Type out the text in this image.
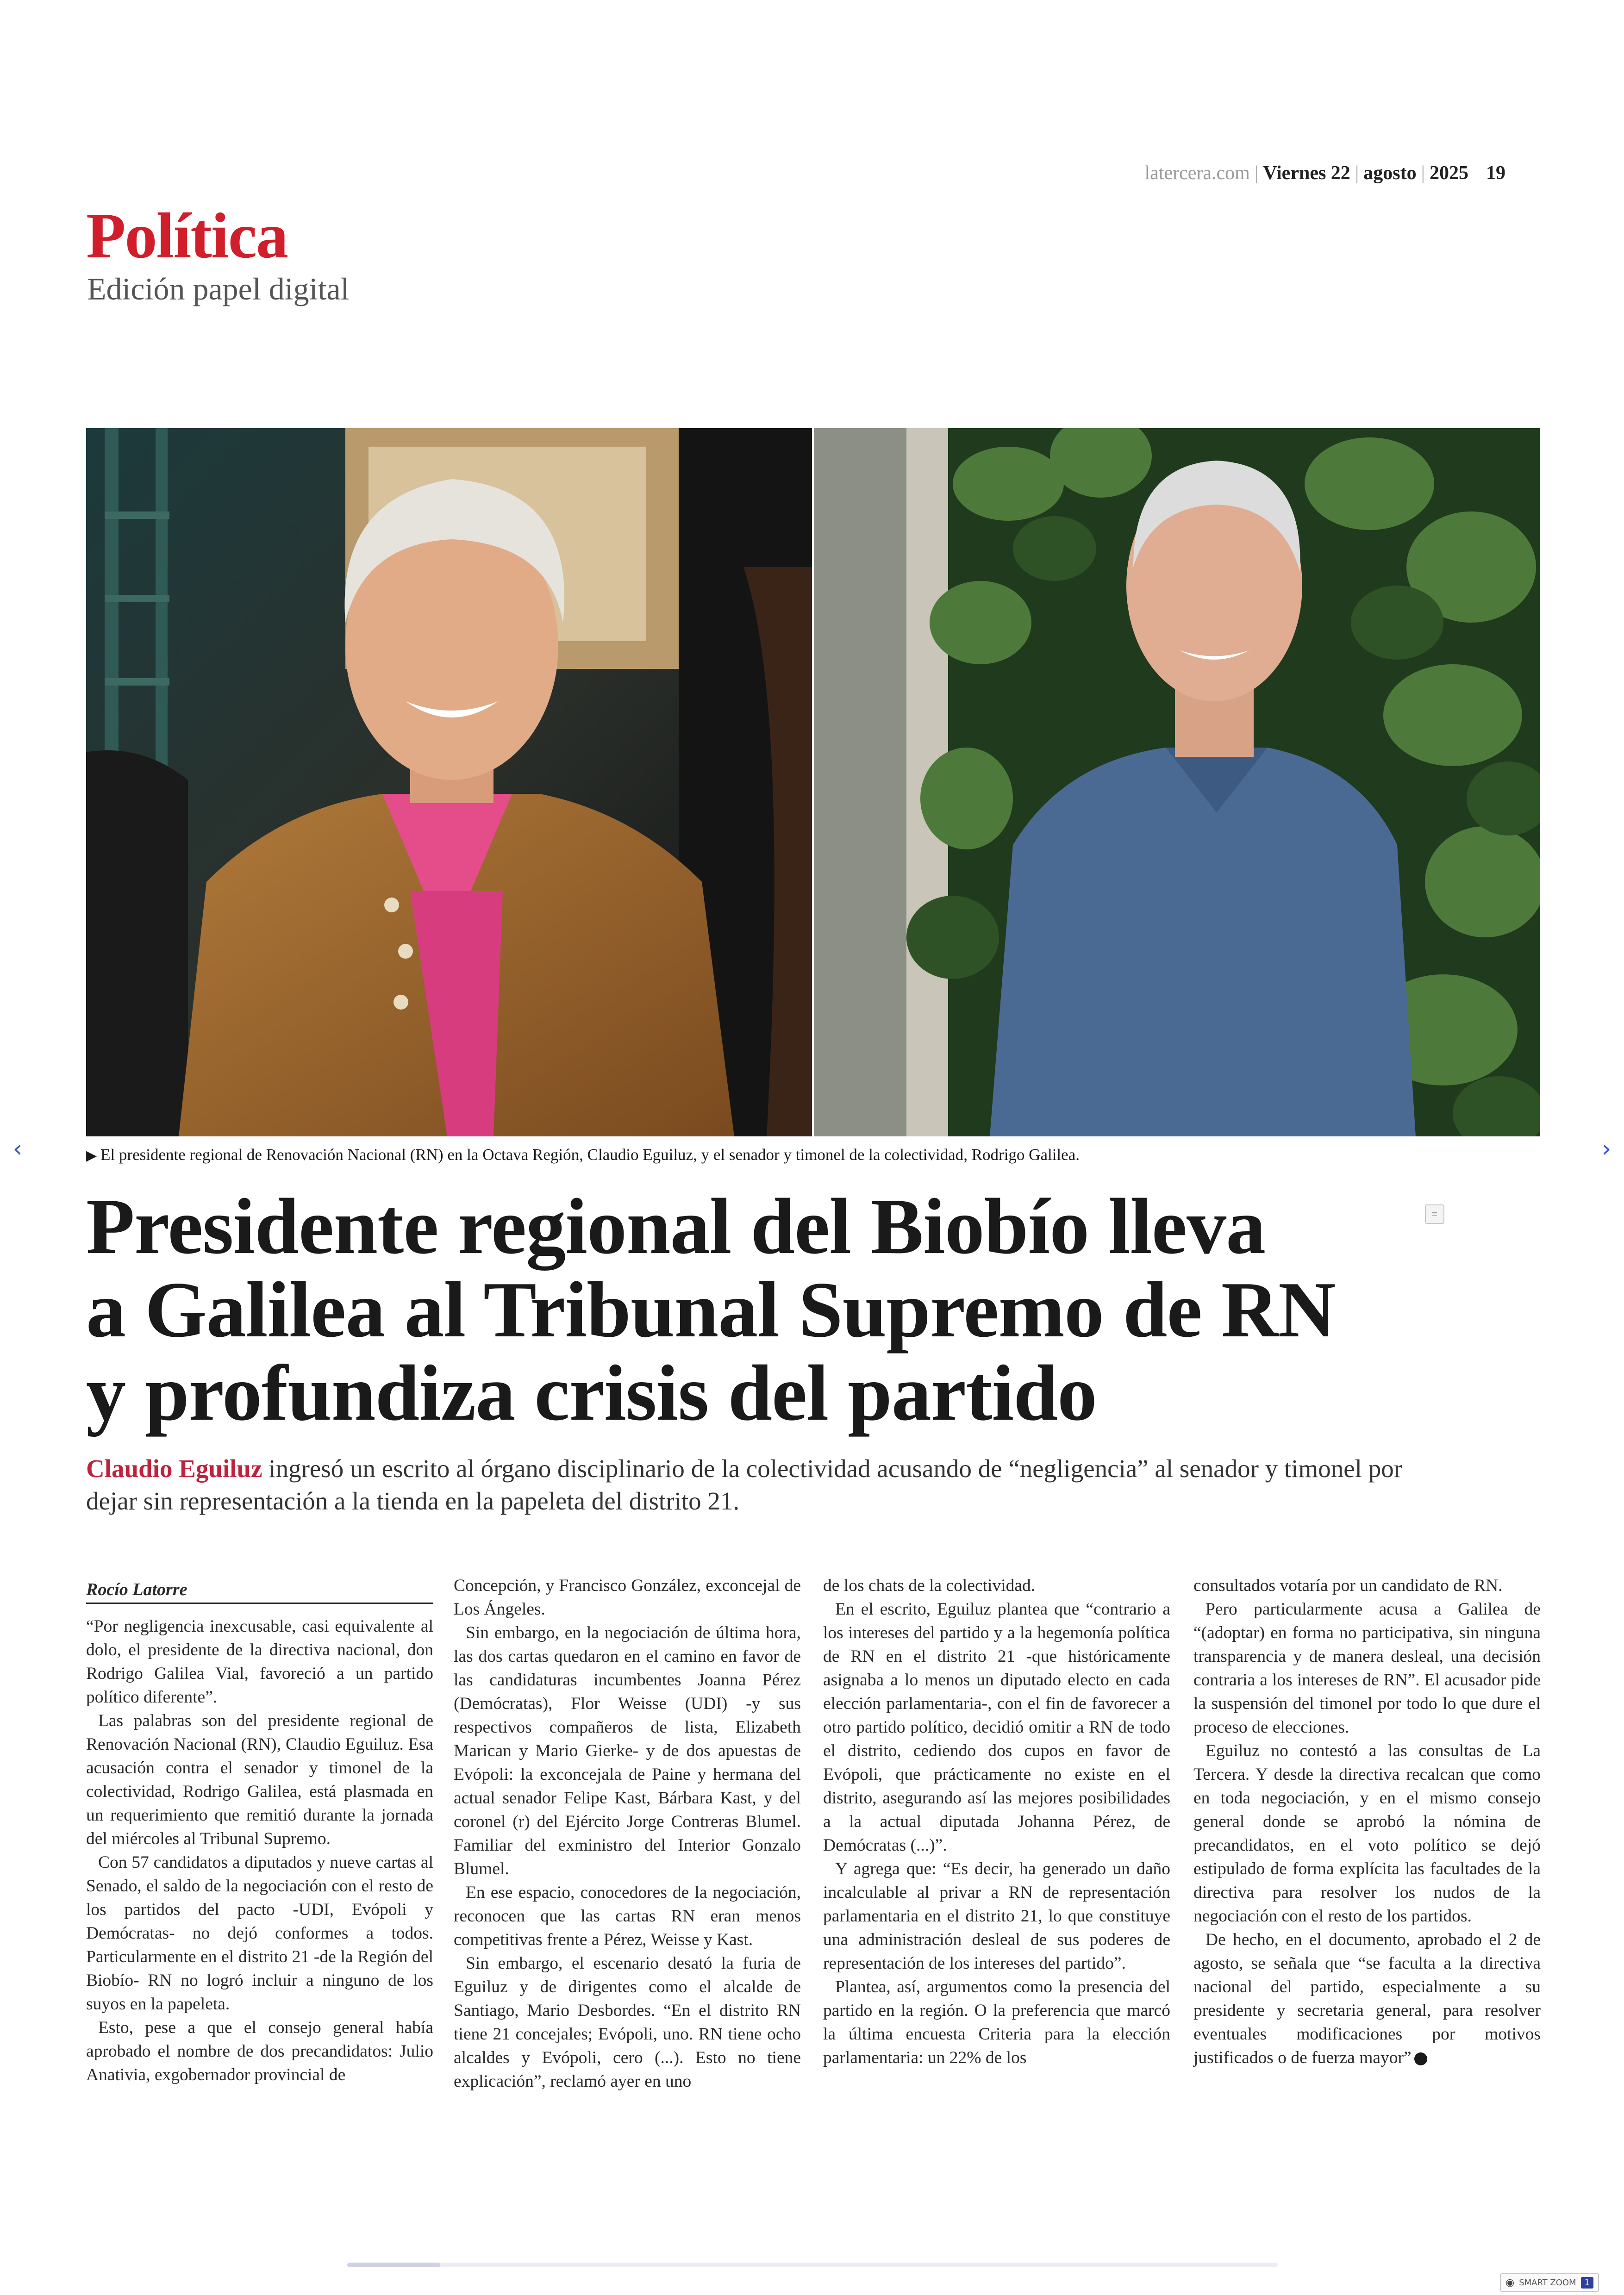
latercera.com | Viernes 22 | agosto | 2025 19
Política
Edición papel digital
▶ El presidente regional de Renovación Nacional (RN) en la Octava Región, Claudio Eguiluz, y el senador y timonel de la colectividad, Rodrigo Galilea.
Presidente regional del Biobío lleva
a Galilea al Tribunal Supremo de RN
y profundiza crisis del partido
≡

Claudio Eguiluz ingresó un escrito al órgano disciplinario de la colectividad acusando de “negligencia” al senador y timonel por dejar sin representación a la tienda en la papeleta del distrito 21.

Rocío Latorre

“Por negligencia inexcusable, casi equivalente al dolo, el presidente de la directiva nacional, don Rodrigo Galilea Vial, favoreció a un partido político diferente”.

Las palabras son del presidente regional de Renovación Nacional (RN), Claudio Eguiluz. Esa acusación contra el senador y timonel de la colectividad, Rodrigo Galilea, está plasmada en un requerimiento que remitió durante la jornada del miércoles al Tribunal Supremo.

Con 57 candidatos a diputados y nueve cartas al Senado, el saldo de la negociación con el resto de los partidos del pacto -UDI, Evópoli y Demócratas- no dejó conformes a todos. Particularmente en el distrito 21 -de la Región del Biobío- RN no logró incluir a ninguno de los suyos en la papeleta.

Esto, pese a que el consejo general había aprobado el nombre de dos precandidatos: Julio Anativia, exgobernador provincial de

Concepción, y Francisco González, exconcejal de Los Ángeles.

Sin embargo, en la negociación de última hora, las dos cartas quedaron en el camino en favor de las candidaturas incumbentes Joanna Pérez (Demócratas), Flor Weisse (UDI) -y sus respectivos compañeros de lista, Elizabeth Marican y Mario Gierke- y de dos apuestas de Evópoli: la exconcejala de Paine y hermana del actual senador Felipe Kast, Bárbara Kast, y del coronel (r) del Ejército Jorge Contreras Blumel. Familiar del exministro del Interior Gonzalo Blumel.

En ese espacio, conocedores de la negociación, reconocen que las cartas RN eran menos competitivas frente a Pérez, Weisse y Kast.

Sin embargo, el escenario desató la furia de Eguiluz y de dirigentes como el alcalde de Santiago, Mario Desbordes. “En el distrito RN tiene 21 concejales; Evópoli, uno. RN tiene ocho alcaldes y Evópoli, cero (...). Esto no tiene explicación”, reclamó ayer en uno

de los chats de la colectividad.

En el escrito, Eguiluz plantea que “contrario a los intereses del partido y a la hegemonía política de RN en el distrito 21 -que históricamente asignaba a lo menos un diputado electo en cada elección parlamentaria-, con el fin de favorecer a otro partido político, decidió omitir a RN de todo el distrito, cediendo dos cupos en favor de Evópoli, que prácticamente no existe en el distrito, asegurando así las mejores posibilidades a la actual diputada Johanna Pérez, de Demócratas (...)”.

Y agrega que: “Es decir, ha generado un daño incalculable al privar a RN de representación parlamentaria en el distrito 21, lo que constituye una administración desleal de sus poderes de representación de los intereses del partido”.

Plantea, así, argumentos como la presencia del partido en la región. O la preferencia que marcó la última encuesta Criteria para la elección parlamentaria: un 22% de los

consultados votaría por un candidato de RN.

Pero particularmente acusa a Galilea de “(adoptar) en forma no participativa, sin ninguna transparencia y de manera desleal, una decisión contraria a los intereses de RN”. El acusador pide la suspensión del timonel por todo lo que dure el proceso de elecciones.

Eguiluz no contestó a las consultas de La Tercera. Y desde la directiva recalcan que como en toda negociación, y en el mismo consejo general donde se aprobó la nómina de precandidatos, en el voto político se dejó estipulado de forma explícita las facultades de la directiva para resolver los nudos de la negociación con el resto de los partidos.

De hecho, en el documento, aprobado el 2 de agosto, se señala que “se faculta a la directiva nacional del partido, especialmente a su presidente y secretaria general, para resolver eventuales modificaciones por motivos justificados o de fuerza mayor”

‹	›
◉ SMART ZOOM	1
